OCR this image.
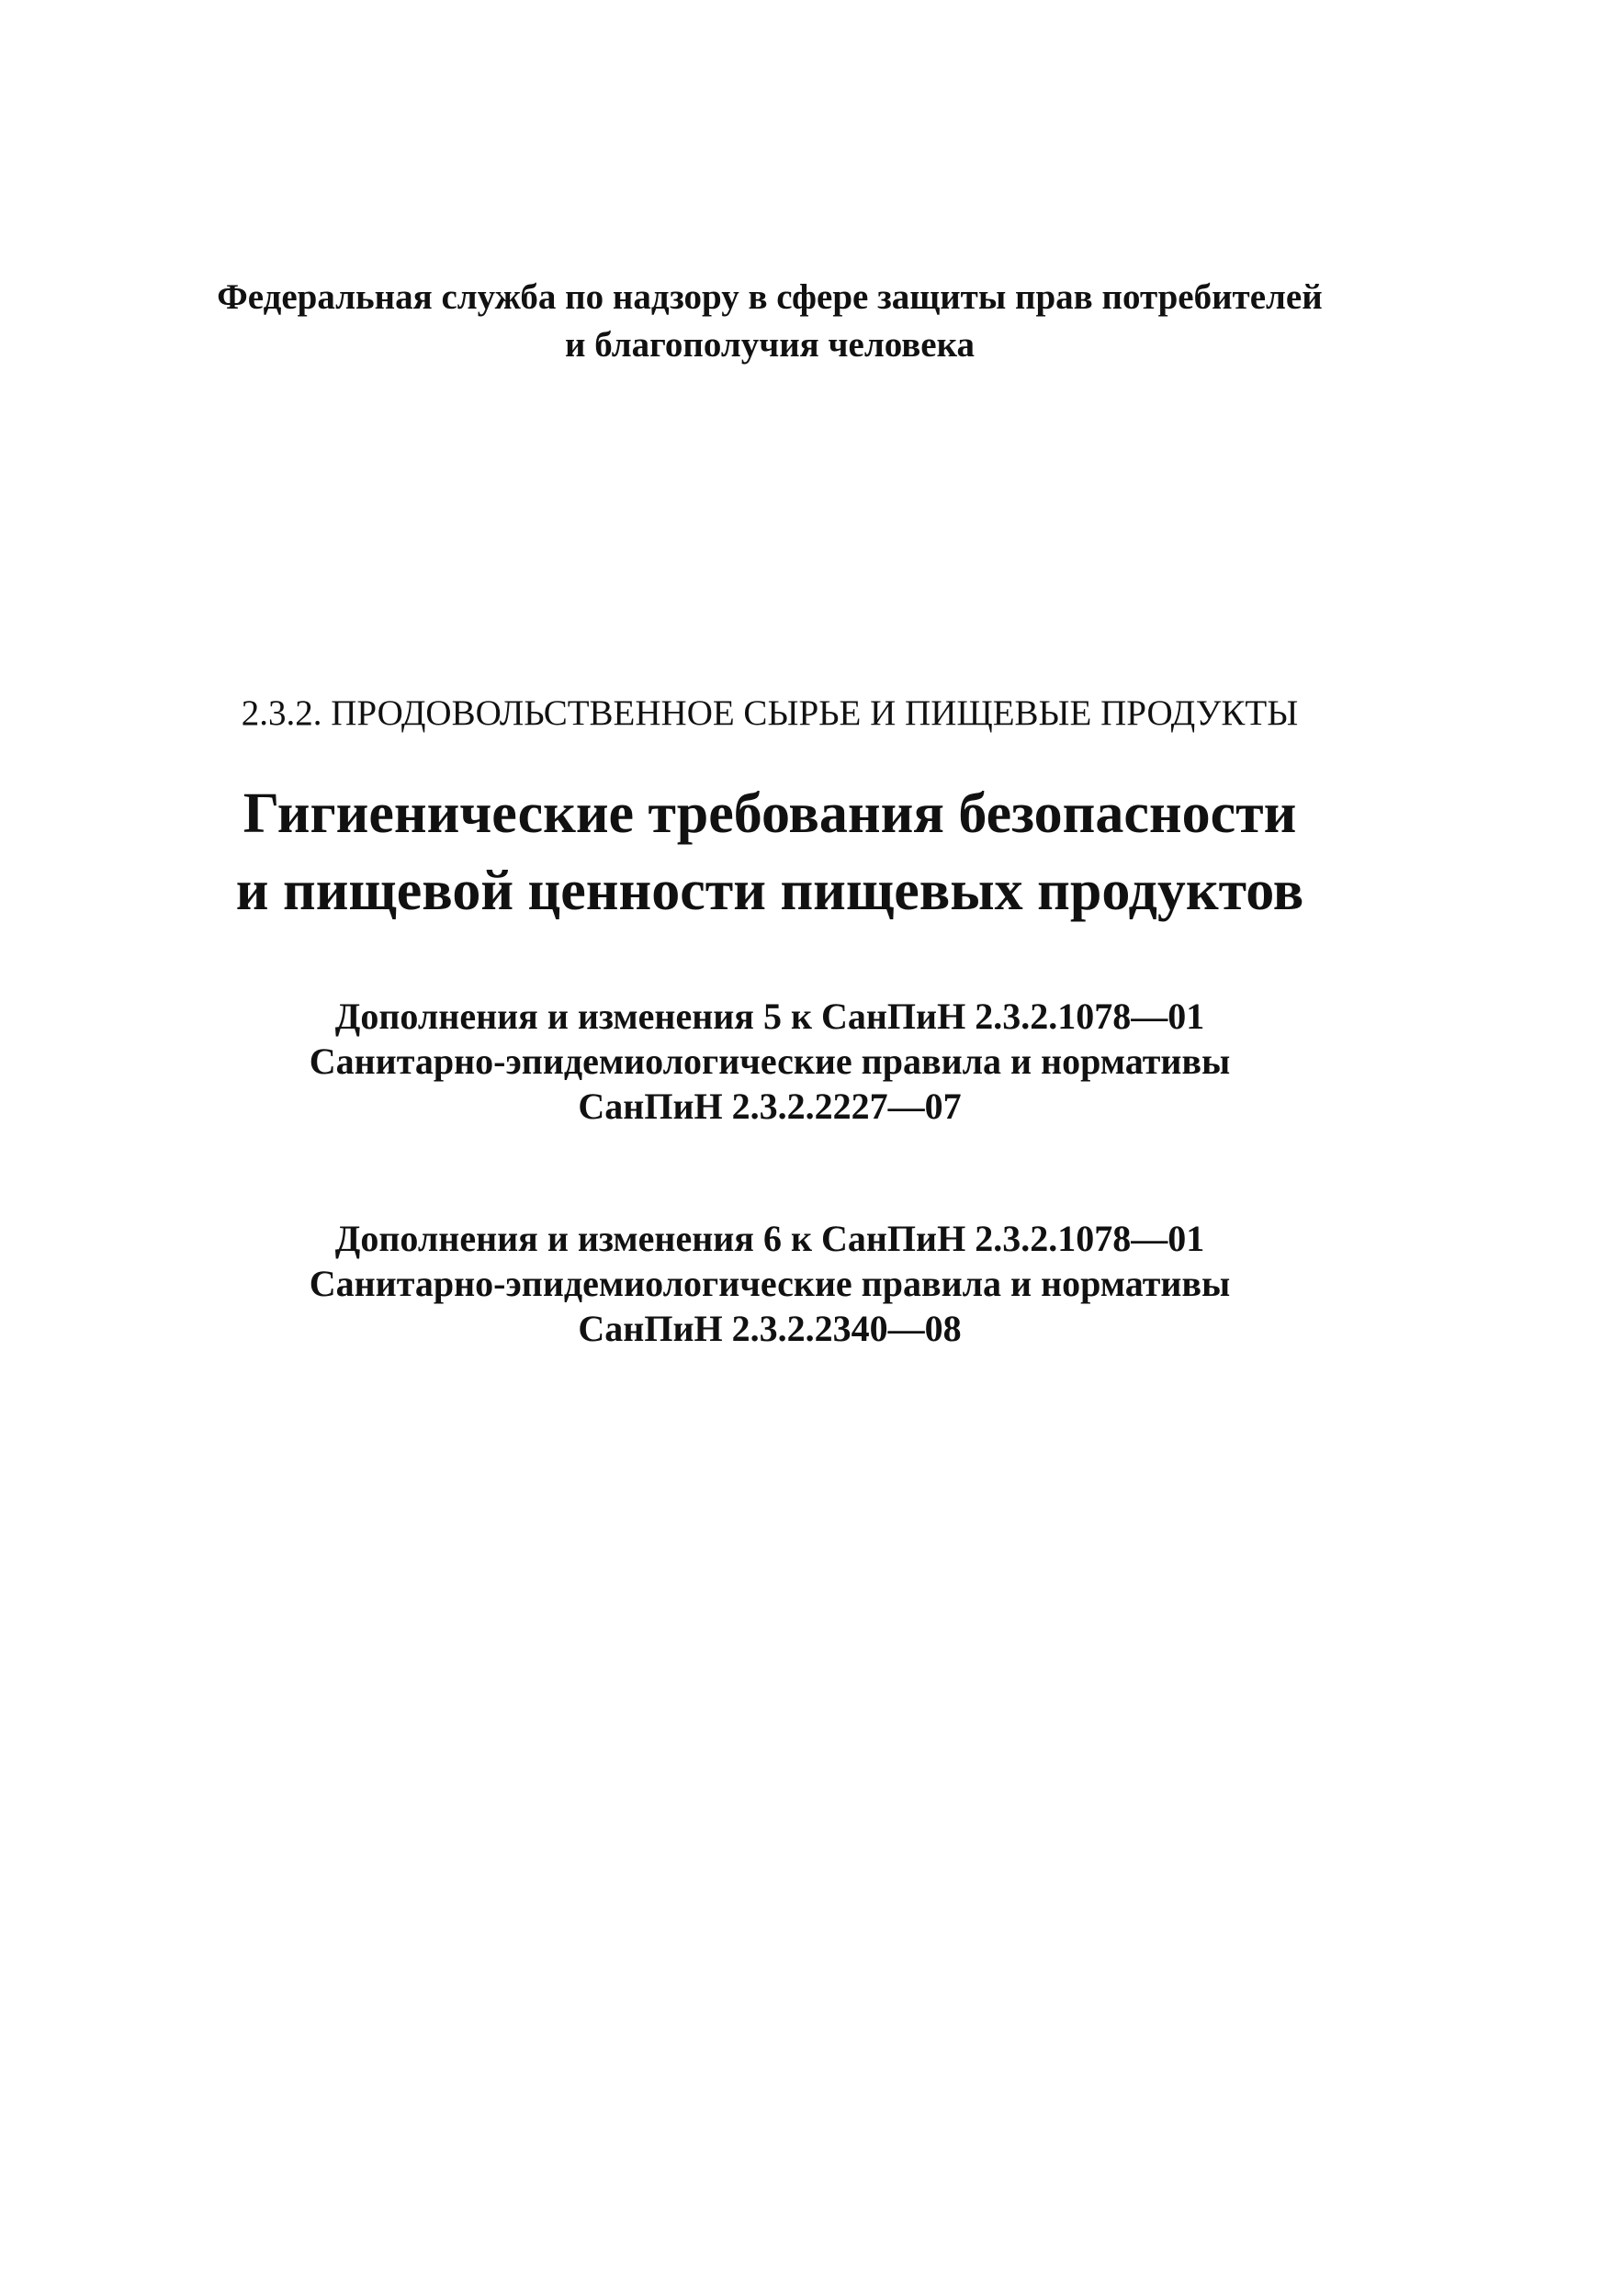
Федеральная служба по надзору в сфере защиты прав потребителей
и благополучия человека
2.3.2. ПРОДОВОЛЬСТВЕННОЕ СЫРЬЕ И ПИЩЕВЫЕ ПРОДУКТЫ
Гигиенические требования безопасности
и пищевой ценности пищевых продуктов
Дополнения и изменения 5 к СанПиН 2.3.2.1078—01
Санитарно-эпидемиологические правила и нормативы
СанПиН 2.3.2.2227—07
Дополнения и изменения 6 к СанПиН 2.3.2.1078—01
Санитарно-эпидемиологические правила и нормативы
СанПиН 2.3.2.2340—08
